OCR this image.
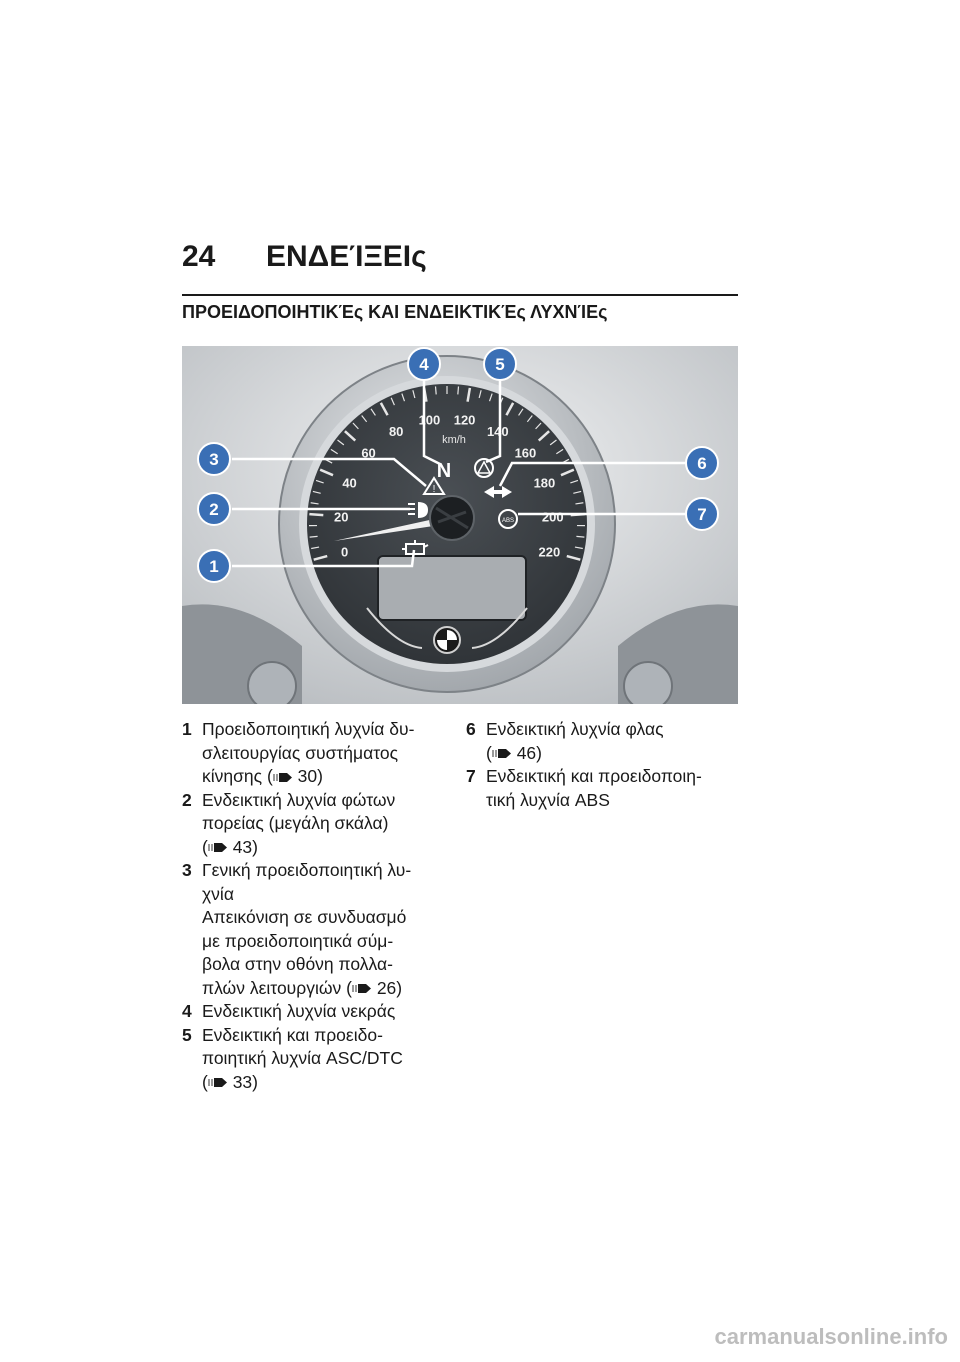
24 ΕΝΔΕΊΞΕΙς
ΠΡΟΕΙΔΟΠΟΙΗΤΙΚΈς ΚΑΙ ΕΝΔΕΙΚΤΙΚΈς ΛΥΧΝΊΕς
0
20
40
60
80
100 120
140
160
180
200
220
km/h
N
!
ABS
1
2
3
4	5
6
7
1 Προειδοποιητική λυχνία δυ-
σλειτουργίας συστήματος
κίνησης ( 30)
2 Ενδεικτική λυχνία φώτων
πορείας (μεγάλη σκάλα)
( 43)
3 Γενική προειδοποιητική λυ-
χνία
Απεικόνιση σε συνδυασμό
με προειδοποιητικά σύμ-
βολα στην οθόνη πολλα-
πλών λειτουργιών ( 26)
4 Ενδεικτική λυχνία νεκράς
5 Ενδεικτική και προειδο-
ποιητική λυχνία ASC/DTC
( 33)
6 Ενδεικτική λυχνία φλας
( 46)
7 Ενδεικτική και προειδοποιη-
τική λυχνία ABS
carmanualsonline.info
